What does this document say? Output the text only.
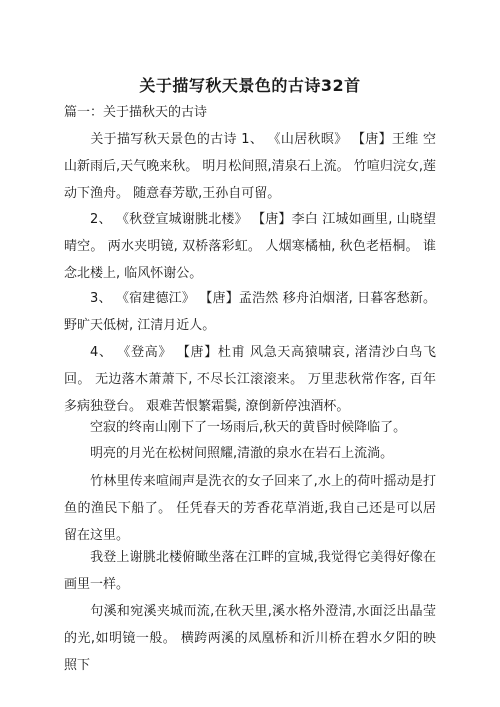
关于描写秋天景色的古诗32首
篇一：关于描秋天的古诗
关于描写秋天景色的古诗 1、 《山居秋暝》 【唐】王维 空山新雨后,天气晚来秋。 明月松间照,清泉石上流。 竹喧归浣女,莲动下渔舟。 随意春芳歇,王孙自可留。
2、 《秋登宣城谢朓北楼》 【唐】李白 江城如画里, 山晓望晴空。 两水夹明镜, 双桥落彩虹。 人烟寒橘柚, 秋色老梧桐。 谁念北楼上, 临风怀谢公。
3、 《宿建德江》 【唐】孟浩然 移舟泊烟渚, 日暮客愁新。 野旷天低树, 江清月近人。
4、 《登高》 【唐】杜甫 风急天高猿啸哀, 渚清沙白鸟飞回。 无边落木萧萧下, 不尽长江滚滚来。 万里悲秋常作客, 百年多病独登台。 艰难苦恨繁霜鬓, 潦倒新停浊酒杯。
空寂的终南山刚下了一场雨后,秋天的黄昏时候降临了。
明亮的月光在松树间照耀,清澈的泉水在岩石上流淌。
竹林里传来喧闹声是洗衣的女子回来了,水上的荷叶摇动是打鱼的渔民下船了。 任凭春天的芳香花草消逝,我自己还是可以居留在这里。
我登上谢朓北楼俯瞰坐落在江畔的宣城,我觉得它美得好像在画里一样。
句溪和宛溪夹城而流,在秋天里,溪水格外澄清,水面泛出晶莹的光,如明镜一般。 横跨两溪的凤凰桥和沂川桥在碧水夕阳的映照下
